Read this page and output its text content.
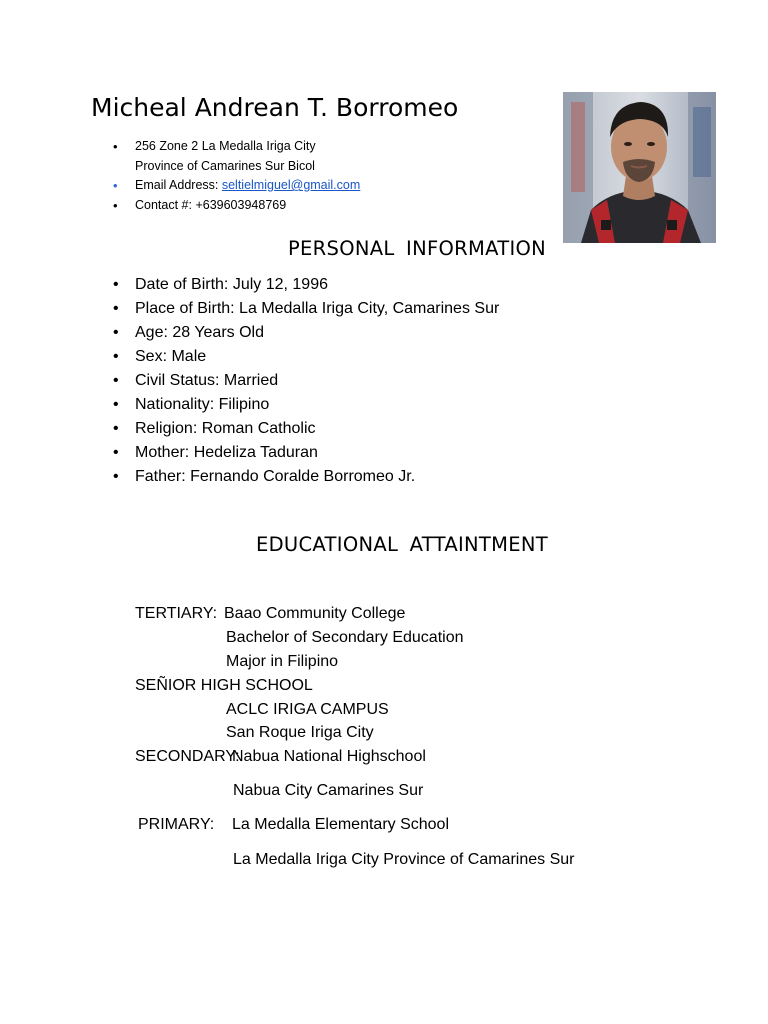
Micheal Andrean T. Borromeo
• 256 Zone 2 La Medalla Iriga City
Province of Camarines Sur Bicol
• Email Address: seltielmiguel@gmail.com
• Contact #: +639603948769
PERSONAL INFORMATION
• Date of Birth: July 12, 1996
• Place of Birth: La Medalla Iriga City, Camarines Sur
• Age: 28 Years Old
• Sex: Male
• Civil Status: Married
• Nationality: Filipino
• Religion: Roman Catholic
• Mother: Hedeliza Taduran
• Father: Fernando Coralde Borromeo Jr.
EDUCATIONAL ATTAINTMENT
TERTIARY: Baao Community College
Bachelor of Secondary Education
Major in Filipino
SEÑIOR HIGH SCHOOL
ACLC IRIGA CAMPUS
San Roque Iriga City
SECONDARY:
Nabua National Highschool
Nabua City Camarines Sur
PRIMARY: La Medalla Elementary School
La Medalla Iriga City Province of Camarines Sur
